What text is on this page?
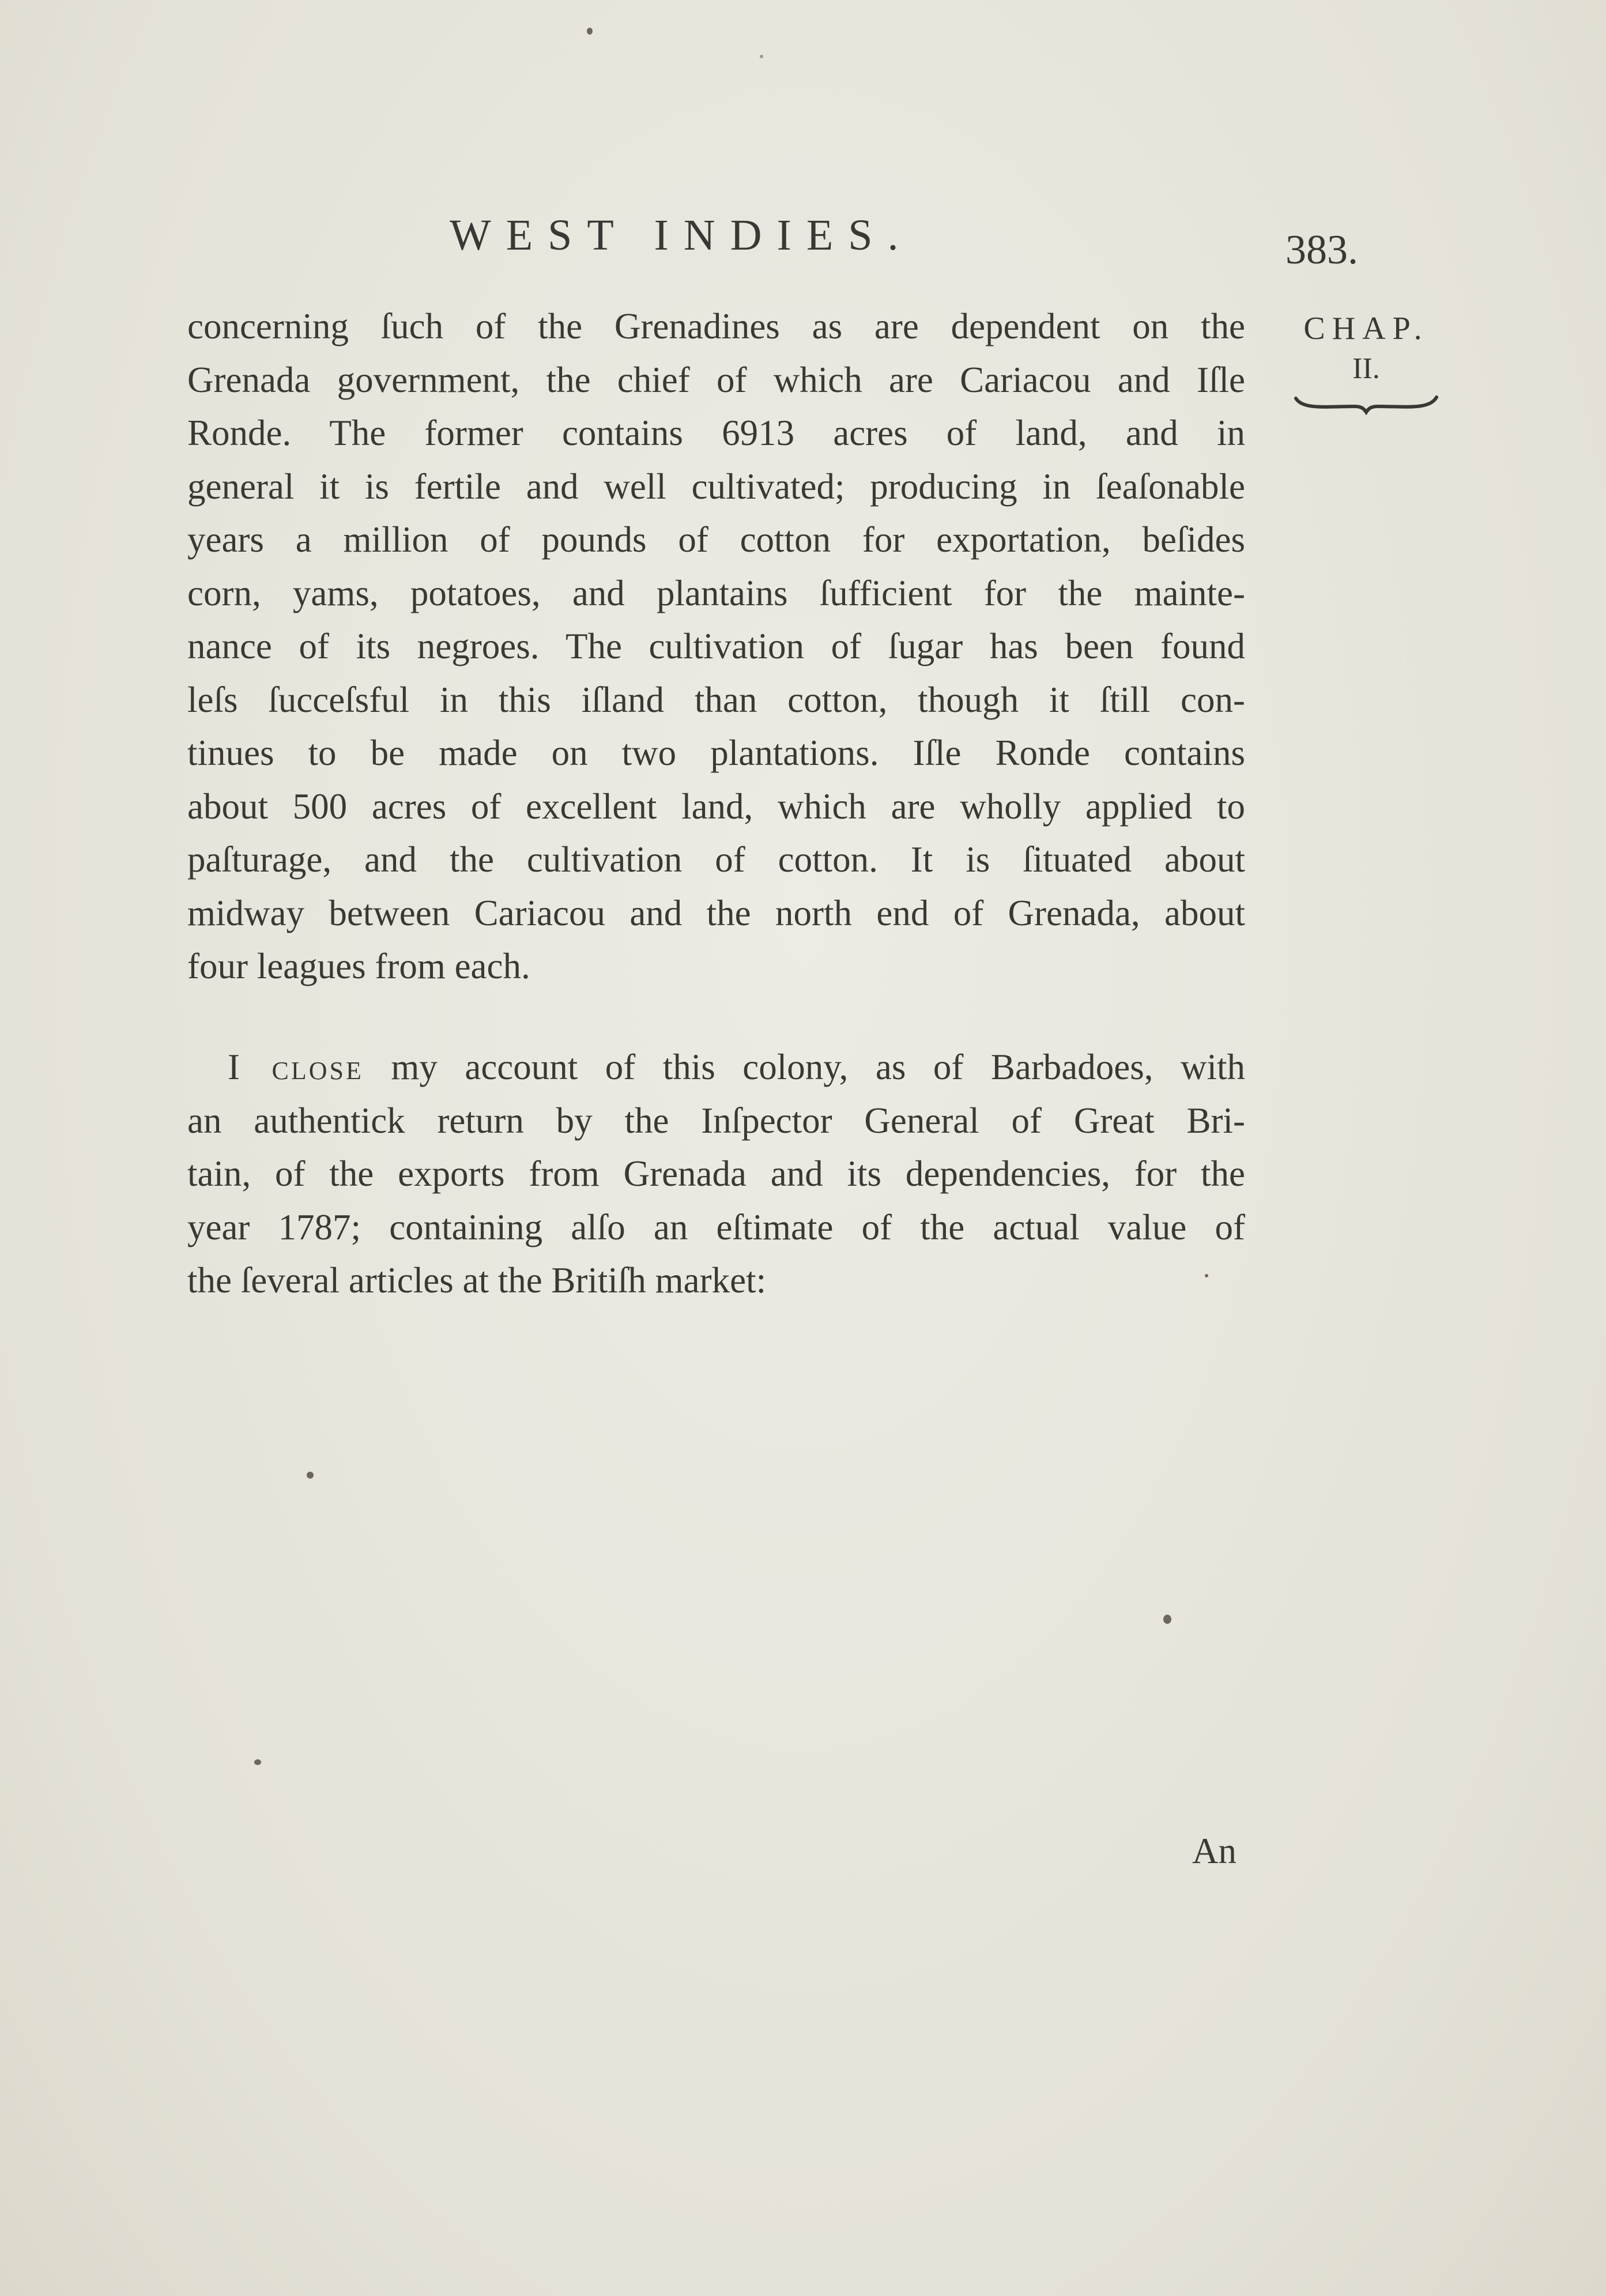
WEST INDIES.	383.
CHAP.
II.
concerning ſuch of the Grenadines as are dependent on the
Grenada government, the chief of which are Cariacou and Iſle
Ronde. The former contains 6913 acres of land, and in
general it is fertile and well cultivated; producing in ſeaſonable
years a million of pounds of cotton for exportation, beſides
corn, yams, potatoes, and plantains ſufficient for the mainte-
nance of its negroes. The cultivation of ſugar has been found
leſs ſucceſsful in this iſland than cotton, though it ſtill con-
tinues to be made on two plantations. Iſle Ronde contains
about 500 acres of excellent land, which are wholly applied to
paſturage, and the cultivation of cotton. It is ſituated about
midway between Cariacou and the north end of Grenada, about
four leagues from each.
I close my account of this colony, as of Barbadoes, with
an authentick return by the Inſpector General of Great Bri-
tain, of the exports from Grenada and its dependencies, for the
year 1787; containing alſo an eſtimate of the actual value of
the ſeveral articles at the Britiſh market:
An
